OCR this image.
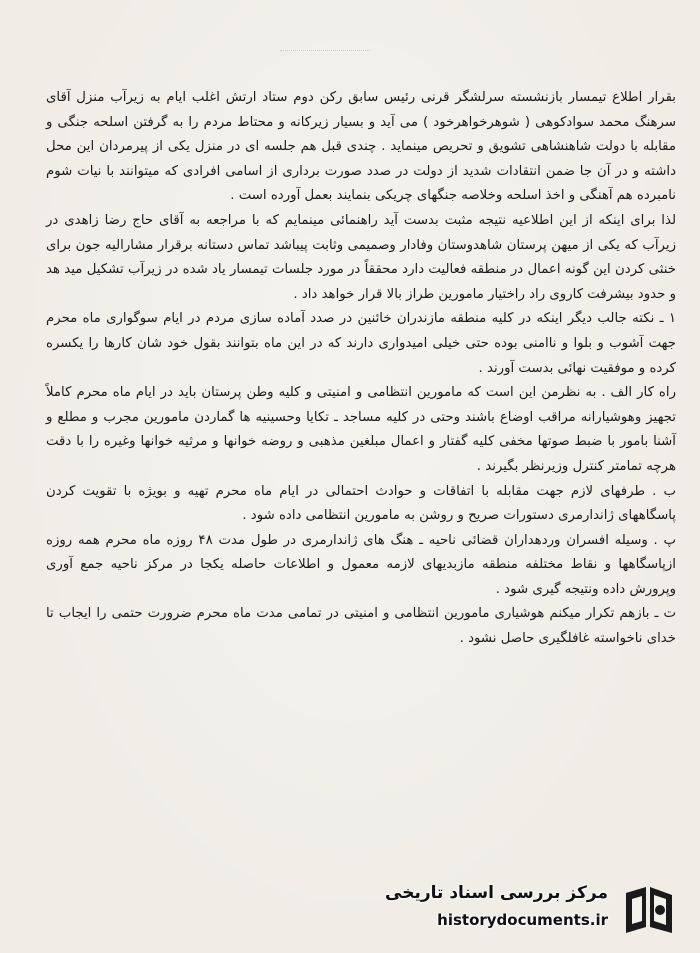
بقرار اطلاع تیمسار بازنشسته سرلشگر قرنی رئیس سابق رکن دوم ستاد ارتش اغلب ایام به زیرآب منزل آقای سرهنگ محمد سوادکوهی ( شوهرخواهرخود ) می آید و بسیار زیرکانه و محتاط مردم را به گرفتن اسلحه جنگی و مقابله با دولت شاهنشاهی تشویق و تحریص مینماید . چندی قبل هم جلسه ای در منزل یکی از پیرمردان این محل داشته و در آن جا ضمن انتقادات شدید از دولت در صدد صورت برداری از اسامی افرادی که میتوانند با نیات شوم نامبرده هم آهنگی و اخذ اسلحه وخلاصه جنگهای چریکی بنمایند بعمل آورده است .

لذا برای اینکه از این اطلاعیه نتیجه مثبت بدست آید راهنمائی مینمایم که با مراجعه به آقای حاج رضا زاهدی در زیرآب که یکی از میهن پرستان شاهدوستان وفادار وصمیمی وثابت پیباشد تماس دستانه برقرار مشارالیه جون برای خنثی کردن این گونه اعمال در منطقه فعالیت دارد محققاً در مورد جلسات تیمسار یاد شده در زیرآب تشکیل مید هد و حدود بیشرفت کاروی راد راختیار مامورین طراز بالا قرار خواهد داد .

۱ ـ نکته جالب دیگر اینکه در کلیه منطقه مازندران خائنین در صدد آماده سازی مردم در ایام سوگواری ماه محرم جهت آشوب و بلوا و ناامنی بوده حتی خیلی امیدواری دارند که در این ماه بتوانند بقول خود شان کارها را یکسره کرده و موفقیت نهائی بدست آورند .

راه کار الف . به نظرمن این است که مامورین انتظامی و امنیتی و کلیه وطن پرستان باید در ایام ماه محرم کاملاً تجهیز وهوشیارانه مراقب اوضاع باشند وحتی در کلیه مساجد ـ تکایا وحسینیه ها گماردن مامورین مجرب و مطلع و آشنا بامور با ضبط صوتها مخفی کلیه گفتار و اعمال مبلغین مذهبی و روضه خوانها و مرثیه خوانها وغیره را با دقت هرچه تمامتر کنترل وزیرنظر بگیرند .

ب . طرفهای لازم جهت مقابله با اتفاقات و حوادث احتمالی در ایام ماه محرم تهیه و بویژه با تقویت کردن پاسگاههای ژاندارمری دستورات صریح و روشن به مامورین انتظامی داده شود .

پ . وسیله افسران وردهداران قضائی ناحیه ـ هنگ های ژاندارمری در طول مدت ۴۸ روزه ماه محرم همه روزه ازپاسگاهها و نقاط مختلفه منطقه مازبدیهای لازمه معمول و اطلاعات حاصله یکجا در مرکز ناحیه جمع آوری وپرورش داده ونتیجه گیری شود .

ت ـ بازهم تکرار میکنم هوشیاری مامورین انتظامی و امنیتی در تمامی مدت ماه محرم ضرورت حتمی را ایجاب تا خدای ناخواسته غافلگیری حاصل نشود .

مرکز بررسی اسناد تاریخی
historydocuments.ir
